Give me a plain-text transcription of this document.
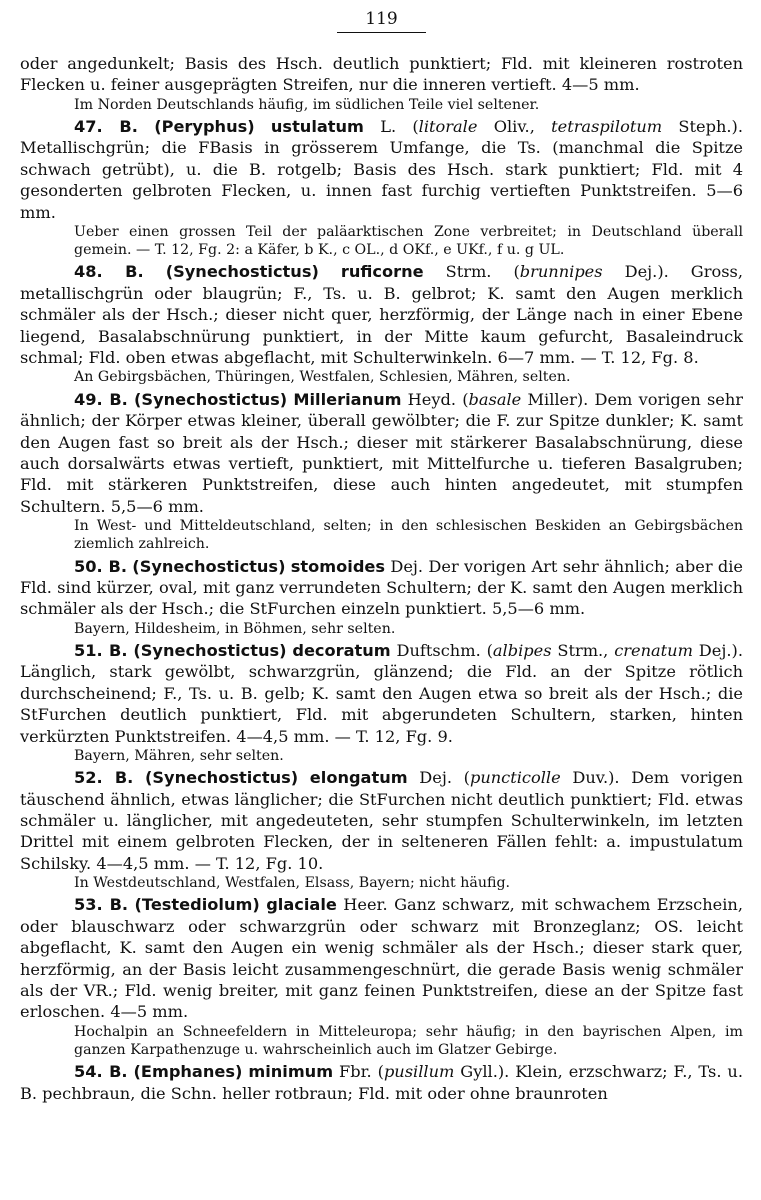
119

oder angedunkelt; Basis des Hsch. deutlich punktiert; Fld. mit kleineren rostroten Flecken u. feiner ausgeprägten Streifen, nur die inneren vertieft. 4—5 mm.

Im Norden Deutschlands häufig, im südlichen Teile viel seltener.

47. B. (Peryphus) ustulatum L. (litorale Oliv., tetraspilotum Steph.). Metallischgrün; die FBasis in grösserem Umfange, die Ts. (manchmal die Spitze schwach getrübt), u. die B. rotgelb; Basis des Hsch. stark punktiert; Fld. mit 4 gesonderten gelbroten Flecken, u. innen fast furchig vertieften Punktstreifen. 5—6 mm.

Ueber einen grossen Teil der paläarktischen Zone verbreitet; in Deutschland überall gemein. — T. 12, Fg. 2: a Käfer, b K., c OL., d OKf., e UKf., f u. g UL.

48. B. (Synechostictus) ruficorne Strm. (brunnipes Dej.). Gross, metallischgrün oder blaugrün; F., Ts. u. B. gelbrot; K. samt den Augen merklich schmäler als der Hsch.; dieser nicht quer, herzförmig, der Länge nach in einer Ebene liegend, Basalabschnürung punktiert, in der Mitte kaum gefurcht, Basaleindruck schmal; Fld. oben etwas abgeflacht, mit Schulterwinkeln. 6—7 mm. — T. 12, Fg. 8.

An Gebirgsbächen, Thüringen, Westfalen, Schlesien, Mähren, selten.

49. B. (Synechostictus) Millerianum Heyd. (basale Miller). Dem vorigen sehr ähnlich; der Körper etwas kleiner, überall gewölbter; die F. zur Spitze dunkler; K. samt den Augen fast so breit als der Hsch.; dieser mit stärkerer Basalabschnürung, diese auch dorsalwärts etwas vertieft, punktiert, mit Mittelfurche u. tieferen Basalgruben; Fld. mit stärkeren Punktstreifen, diese auch hinten angedeutet, mit stumpfen Schultern. 5,5—6 mm.

In West- und Mitteldeutschland, selten; in den schlesischen Beskiden an Gebirgsbächen ziemlich zahlreich.

50. B. (Synechostictus) stomoides Dej. Der vorigen Art sehr ähnlich; aber die Fld. sind kürzer, oval, mit ganz verrundeten Schultern; der K. samt den Augen merklich schmäler als der Hsch.; die StFurchen einzeln punktiert. 5,5—6 mm.

Bayern, Hildesheim, in Böhmen, sehr selten.

51. B. (Synechostictus) decoratum Duftschm. (albipes Strm., crenatum Dej.). Länglich, stark gewölbt, schwarzgrün, glänzend; die Fld. an der Spitze rötlich durchscheinend; F., Ts. u. B. gelb; K. samt den Augen etwa so breit als der Hsch.; die StFurchen deutlich punktiert, Fld. mit abgerundeten Schultern, starken, hinten verkürzten Punktstreifen. 4—4,5 mm. — T. 12, Fg. 9.

Bayern, Mähren, sehr selten.

52. B. (Synechostictus) elongatum Dej. (puncticolle Duv.). Dem vorigen täuschend ähnlich, etwas länglicher; die StFurchen nicht deutlich punktiert; Fld. etwas schmäler u. länglicher, mit angedeuteten, sehr stumpfen Schulterwinkeln, im letzten Drittel mit einem gelbroten Flecken, der in selteneren Fällen fehlt: a. impustulatum Schilsky. 4—4,5 mm. — T. 12, Fg. 10.

In Westdeutschland, Westfalen, Elsass, Bayern; nicht häufig.

53. B. (Testediolum) glaciale Heer. Ganz schwarz, mit schwachem Erzschein, oder blauschwarz oder schwarzgrün oder schwarz mit Bronzeglanz; OS. leicht abgeflacht, K. samt den Augen ein wenig schmäler als der Hsch.; dieser stark quer, herzförmig, an der Basis leicht zusammengeschnürt, die gerade Basis wenig schmäler als der VR.; Fld. wenig breiter, mit ganz feinen Punktstreifen, diese an der Spitze fast erloschen. 4—5 mm.

Hochalpin an Schneefeldern in Mitteleuropa; sehr häufig; in den bayrischen Alpen, im ganzen Karpathenzuge u. wahrscheinlich auch im Glatzer Gebirge.

54. B. (Emphanes) minimum Fbr. (pusillum Gyll.). Klein, erzschwarz; F., Ts. u. B. pechbraun, die Schn. heller rotbraun; Fld. mit oder ohne braunroten
